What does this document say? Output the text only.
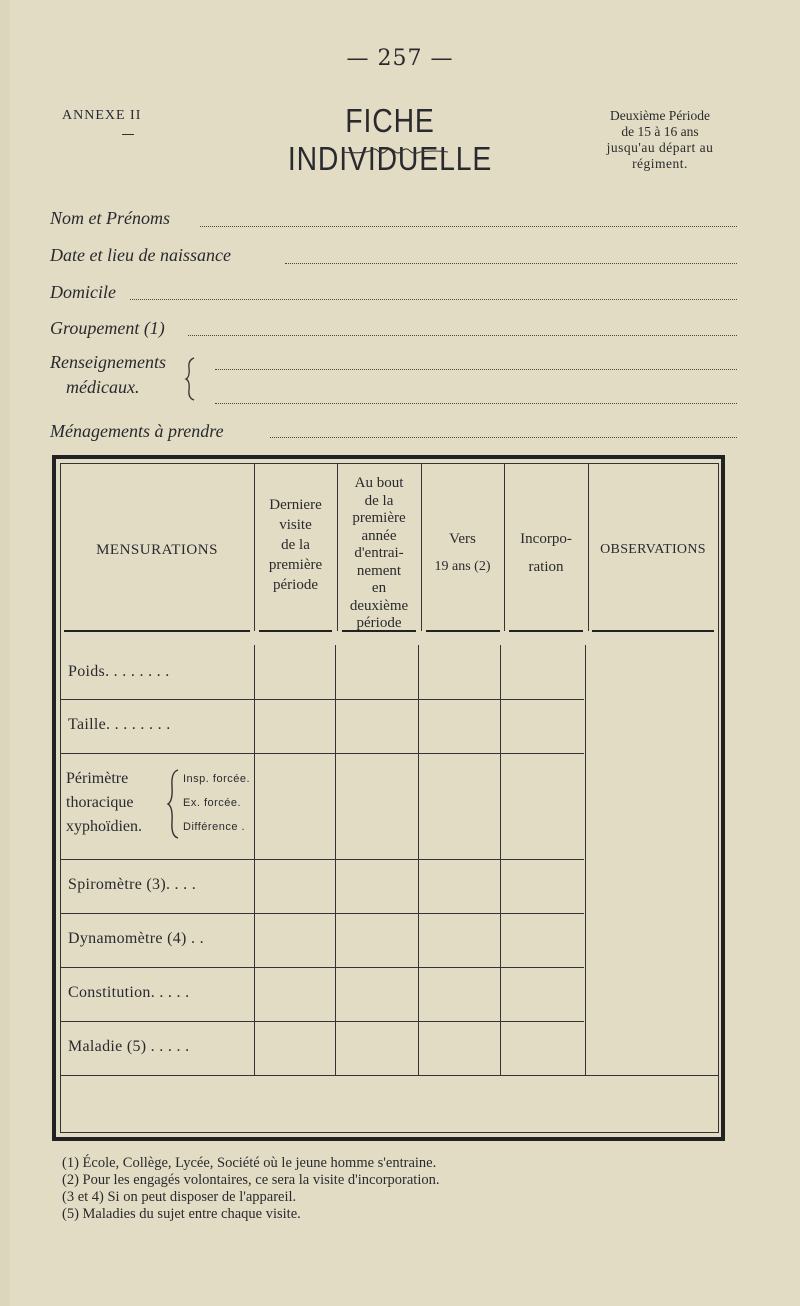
— 257 —
ANNEXE II	FICHE INDIVIDUELLE
Deuxième Période
de 15 à 16 ans
jusqu'au départ au
régiment.
Nom et Prénoms
Date et lieu de naissance
Domicile
Groupement (1)
Renseignements
médicaux.
Ménagements à prendre
MENSURATIONS
Derniere
visite
de la
première
période
Au bout
de la
première
année
d'entrai-
nement
en
deuxième
période
Vers
19 ans (2)
Incorpo-
ration
OBSERVATIONS
Poids. . . . . . . .
Taille. . . . . . . .
Périmètre
thoracique
xyphoïdien.
Insp. forcée.
Ex. forcée.
Différence .
Spiromètre (3). . . .
Dynamomètre (4) . .
Constitution. . . . .
Maladie (5) . . . . .
(1) École, Collège, Lycée, Société où le jeune homme s'entraine.
(2) Pour les engagés volontaires, ce sera la visite d'incorporation.
(3 et 4) Si on peut disposer de l'appareil.
(5) Maladies du sujet entre chaque visite.
